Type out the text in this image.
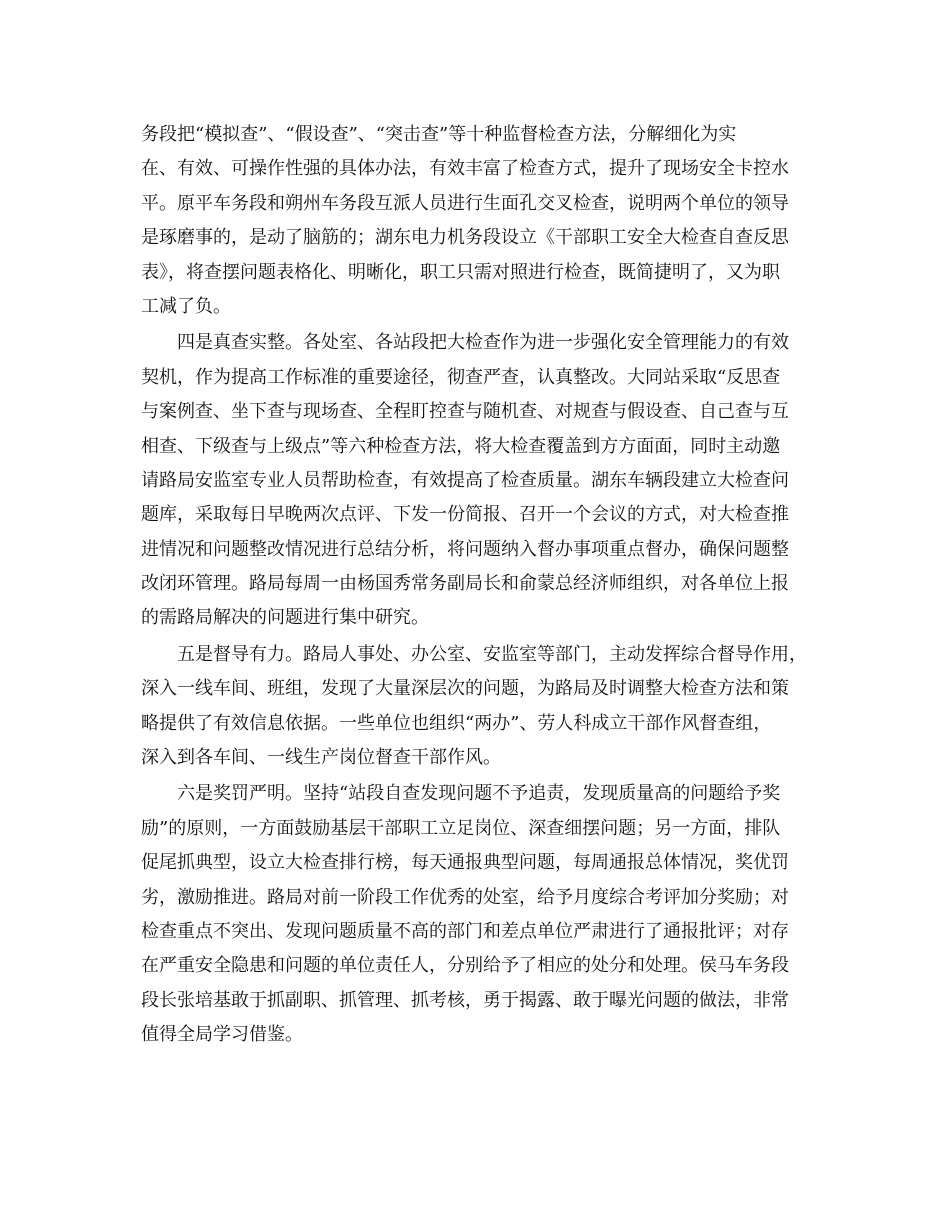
务段把“模拟查”、“假设查”、“突击查”等十种监督检查方法，分解细化为实
在、有效、可操作性强的具体办法，有效丰富了检查方式，提升了现场安全卡控水
平。原平车务段和朔州车务段互派人员进行生面孔交叉检查，说明两个单位的领导
是琢磨事的，是动了脑筋的；湖东电力机务段设立《干部职工安全大检查自查反思
表》，将查摆问题表格化、明晰化，职工只需对照进行检查，既简捷明了，又为职
工减了负。
　　四是真查实整。各处室、各站段把大检查作为进一步强化安全管理能力的有效
契机，作为提高工作标准的重要途径，彻查严查，认真整改。大同站采取“反思查
与案例查、坐下查与现场查、全程盯控查与随机查、对规查与假设查、自己查与互
相查、下级查与上级点”等六种检查方法，将大检查覆盖到方方面面，同时主动邀
请路局安监室专业人员帮助检查，有效提高了检查质量。湖东车辆段建立大检查问
题库，采取每日早晚两次点评、下发一份简报、召开一个会议的方式，对大检查推
进情况和问题整改情况进行总结分析，将问题纳入督办事项重点督办，确保问题整
改闭环管理。路局每周一由杨国秀常务副局长和俞蒙总经济师组织，对各单位上报
的需路局解决的问题进行集中研究。
　　五是督导有力。路局人事处、办公室、安监室等部门，主动发挥综合督导作用，
深入一线车间、班组，发现了大量深层次的问题，为路局及时调整大检查方法和策
略提供了有效信息依据。一些单位也组织“两办”、劳人科成立干部作风督查组，
深入到各车间、一线生产岗位督查干部作风。
　　六是奖罚严明。坚持“站段自查发现问题不予追责，发现质量高的问题给予奖
励”的原则，一方面鼓励基层干部职工立足岗位、深查细摆问题；另一方面，排队
促尾抓典型，设立大检查排行榜，每天通报典型问题，每周通报总体情况，奖优罚
劣，激励推进。路局对前一阶段工作优秀的处室，给予月度综合考评加分奖励；对
检查重点不突出、发现问题质量不高的部门和差点单位严肃进行了通报批评；对存
在严重安全隐患和问题的单位责任人，分别给予了相应的处分和处理。侯马车务段
段长张培基敢于抓副职、抓管理、抓考核，勇于揭露、敢于曝光问题的做法，非常
值得全局学习借鉴。
